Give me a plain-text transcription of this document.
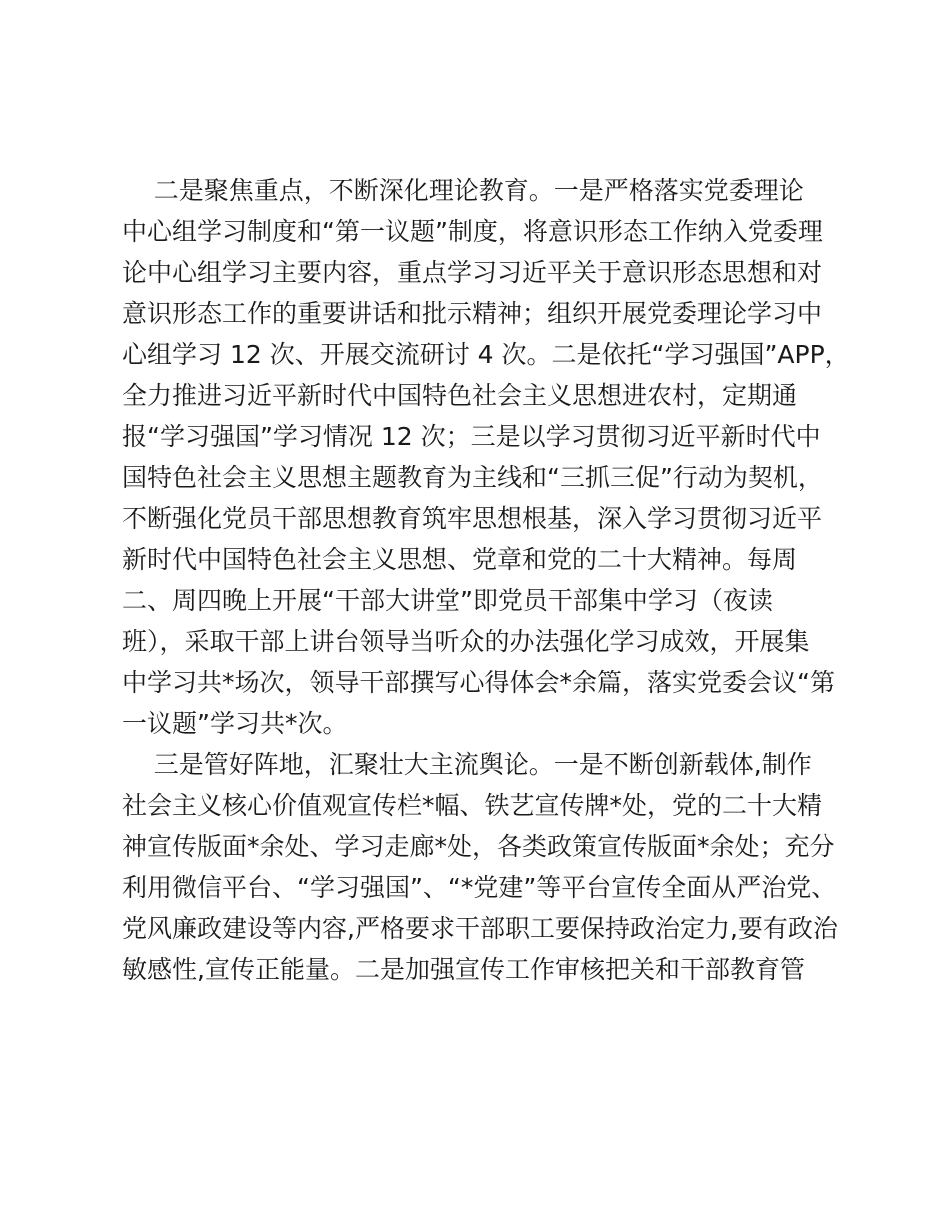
二是聚焦重点，不断深化理论教育。一是严格落实党委理论
中心组学习制度和“第一议题”制度，将意识形态工作纳入党委理
论中心组学习主要内容，重点学习习近平关于意识形态思想和对
意识形态工作的重要讲话和批示精神；组织开展党委理论学习中
心组学习 12 次、开展交流研讨 4 次。二是依托“学习强国”APP，
全力推进习近平新时代中国特色社会主义思想进农村，定期通
报“学习强国”学习情况 12 次；三是以学习贯彻习近平新时代中
国特色社会主义思想主题教育为主线和“三抓三促”行动为契机，
不断强化党员干部思想教育筑牢思想根基，深入学习贯彻习近平
新时代中国特色社会主义思想、党章和党的二十大精神。每周
二、周四晚上开展“干部大讲堂”即党员干部集中学习（夜读
班），采取干部上讲台领导当听众的办法强化学习成效，开展集
中学习共*场次，领导干部撰写心得体会*余篇，落实党委会议“第
一议题”学习共*次。
三是管好阵地，汇聚壮大主流舆论。一是不断创新载体,制作
社会主义核心价值观宣传栏*幅、铁艺宣传牌*处，党的二十大精
神宣传版面*余处、学习走廊*处，各类政策宣传版面*余处；充分
利用微信平台、“学习强国”、“*党建”等平台宣传全面从严治党、
党风廉政建设等内容,严格要求干部职工要保持政治定力,要有政治
敏感性,宣传正能量。二是加强宣传工作审核把关和干部教育管
